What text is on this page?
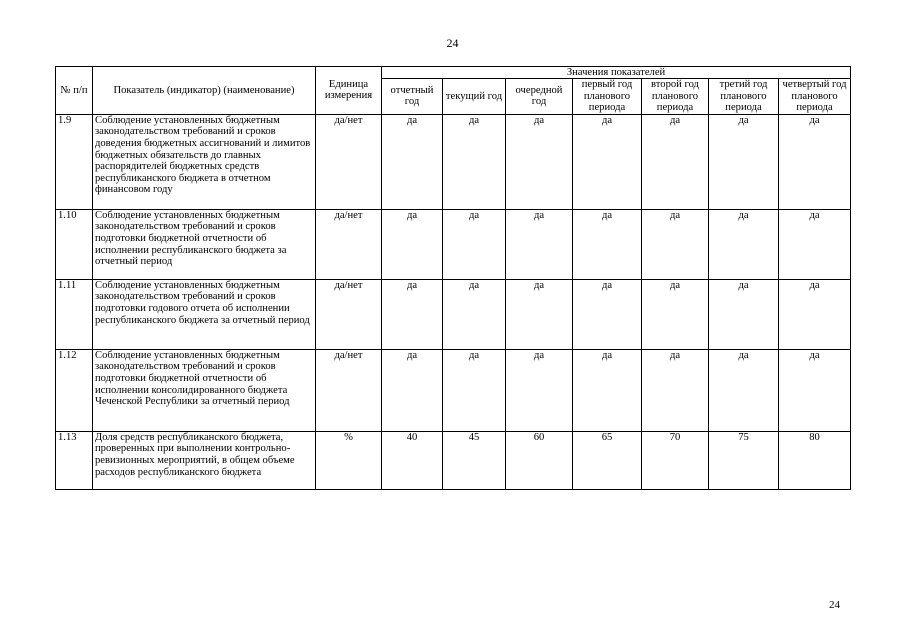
24
№ п/п	Показатель (индикатор) (наименование)	Единица измерения	Значения показателей						
			отчетный год	текущий год	очередной год	первый год планового периода	второй год планового периода	третий год планового периода	четвертый год планового периода
1.9	Соблюдение установленных бюджетным законодательством требований и сроков доведения бюджетных ассигнований и лимитов бюджетных обязательств до главных распорядителей бюджетных средств республиканского бюджета в отчетном финансовом году	да/нет	да	да	да	да	да	да	да
1.10	Соблюдение установленных бюджетным законодательством требований и сроков подготовки бюджетной отчетности об исполнении республиканского бюджета за отчетный период	да/нет	да	да	да	да	да	да	да
1.11	Соблюдение установленных бюджетным законодательством требований и сроков подготовки годового отчета об исполнении республиканского бюджета за отчетный период	да/нет	да	да	да	да	да	да	да
1.12	Соблюдение установленных бюджетным законодательством требований и сроков подготовки бюджетной отчетности об исполнении консолидированного бюджета Чеченской Республики за отчетный период	да/нет	да	да	да	да	да	да	да
1.13	Доля средств республиканского бюджета, проверенных при выполнении контрольно-ревизионных мероприятий, в общем объеме расходов республиканского бюджета	%	40	45	60	65	70	75	80
24
